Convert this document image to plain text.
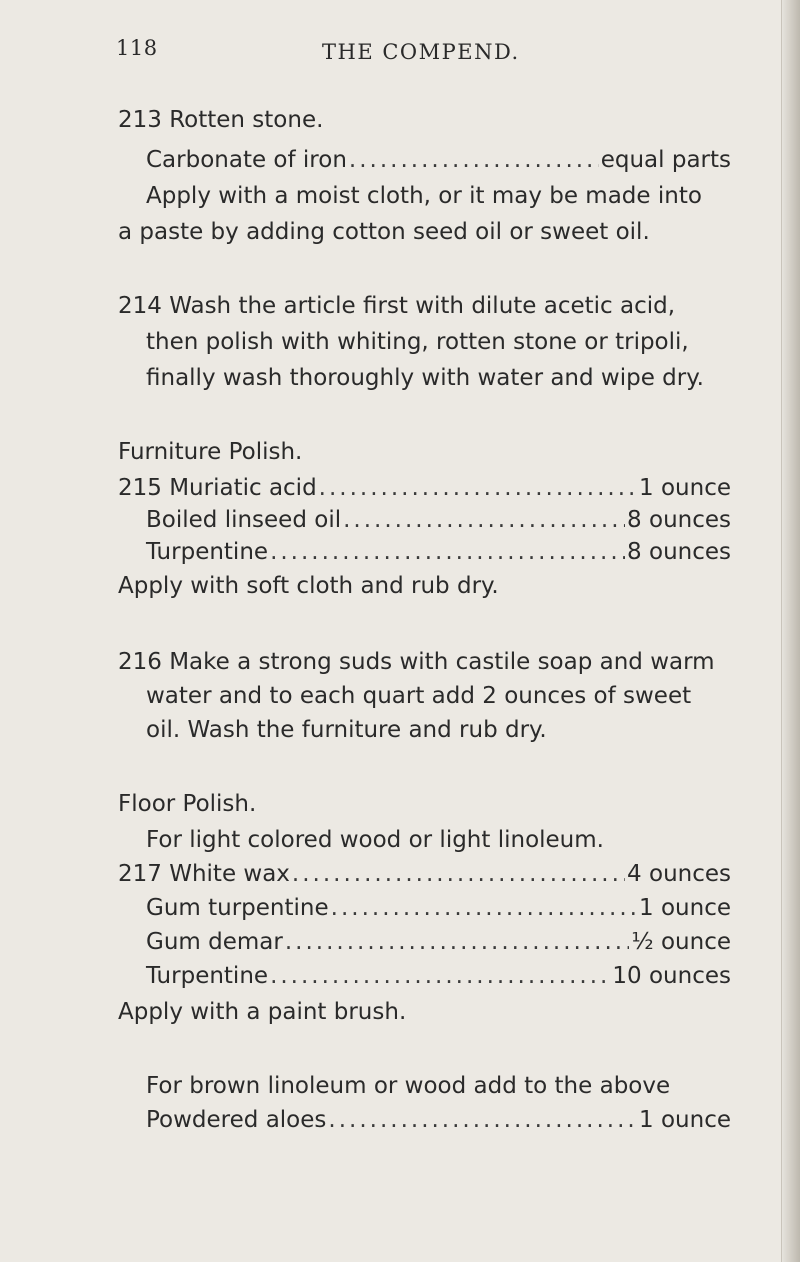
118	THE COMPEND.
213 Rotten stone.
Carbonate of iron .....	equal parts
Apply with a moist cloth, or it may be made into
a paste by adding cotton seed oil or sweet oil.
214 Wash the article first with dilute acetic acid,
then polish with whiting, rotten stone or tripoli,
finally wash thoroughly with water and wipe dry.
Furniture Polish.
215 Muriatic acid .....	1 ounce
Boiled linseed oil .....	8 ounces
Turpentine .....	8 ounces
Apply with soft cloth and rub dry.
216 Make a strong suds with castile soap and warm
water and to each quart add 2 ounces of sweet
oil. Wash the furniture and rub dry.
Floor Polish.
For light colored wood or light linoleum.
217 White wax .....	4 ounces
Gum turpentine .....	1 ounce
Gum demar .....	½ ounce
Turpentine .....	10 ounces
Apply with a paint brush.
For brown linoleum or wood add to the above
Powdered aloes .....	1 ounce
